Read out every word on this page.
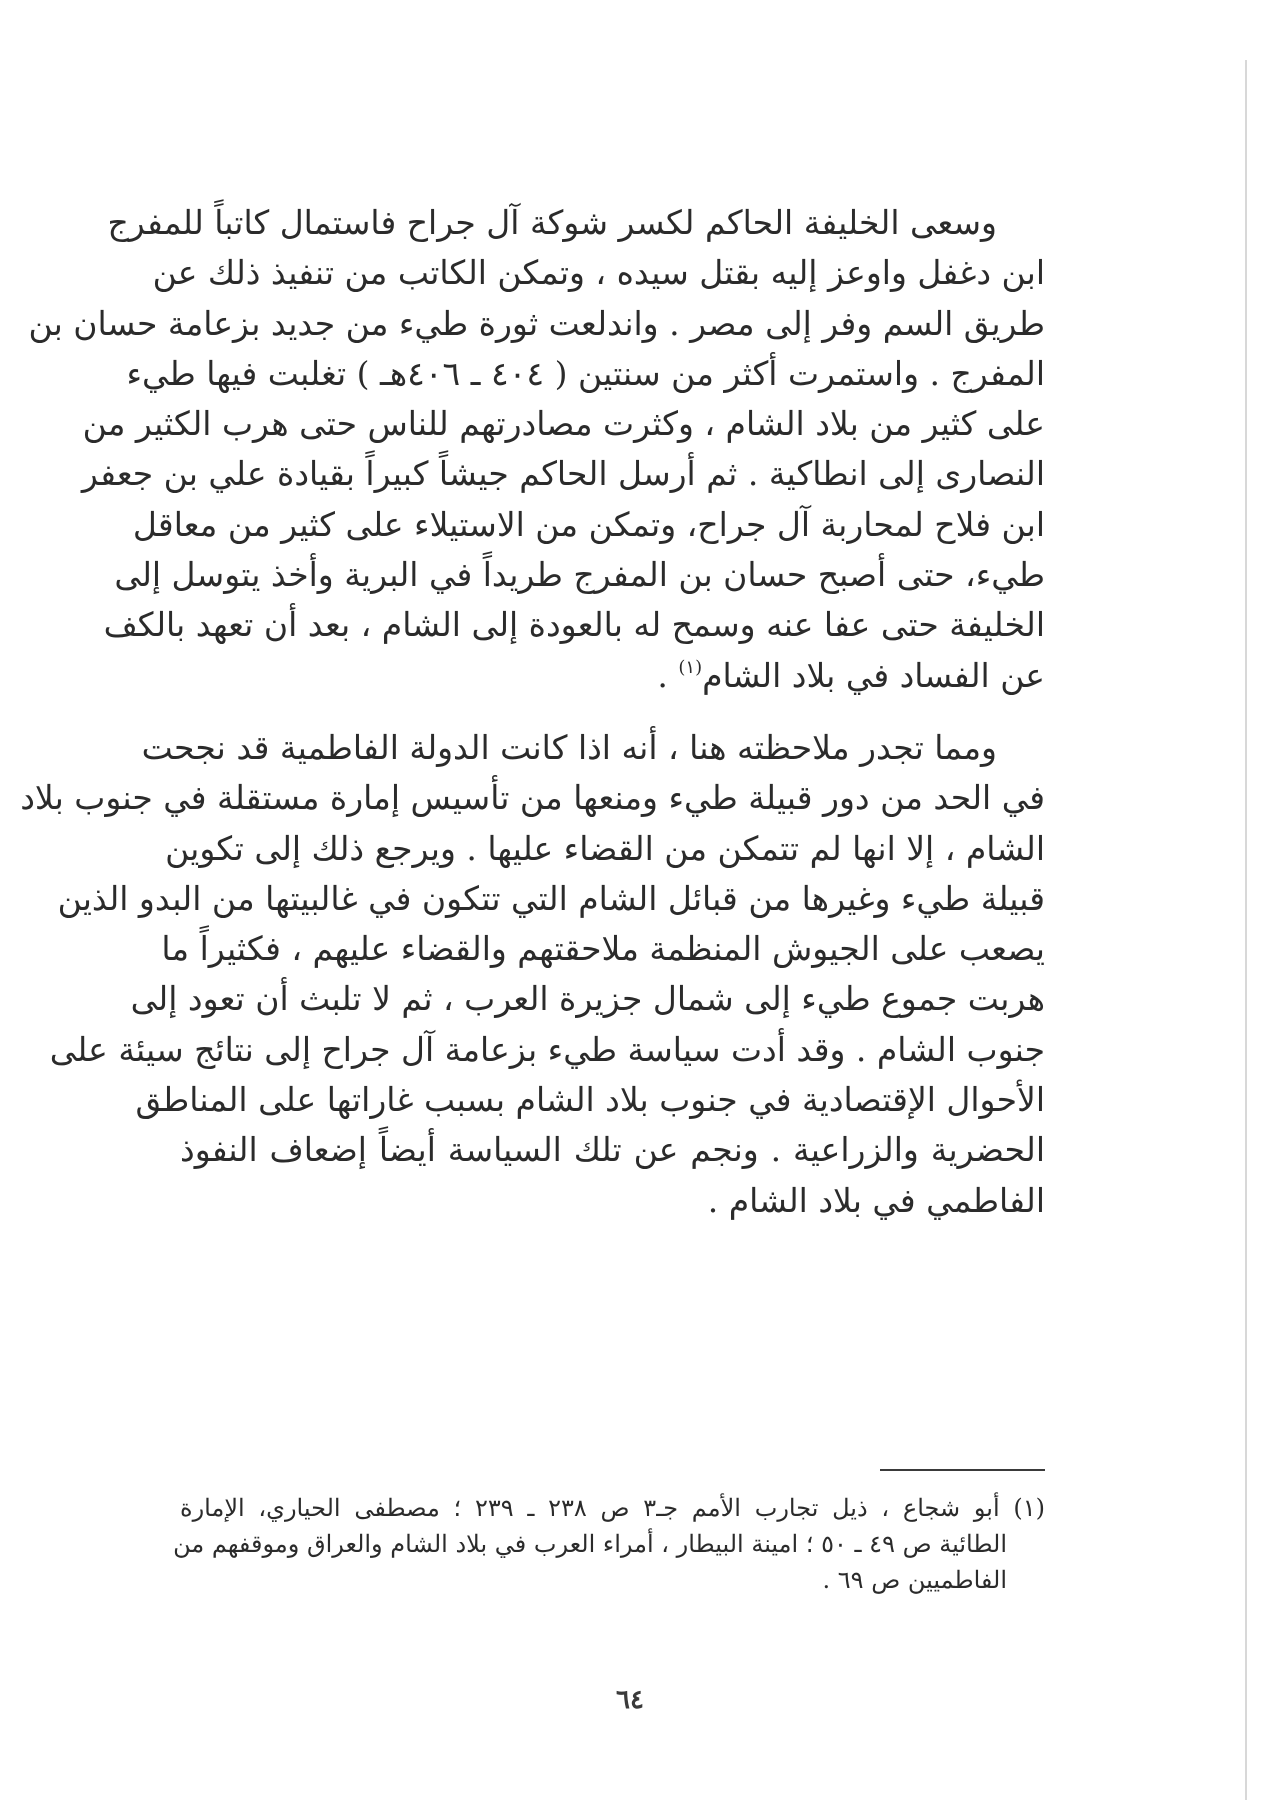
وسعى الخليفة الحاكم لكسر شوكة آل جراح فاستمال كاتباً للمفرج
ابن دغفل واوعز إليه بقتل سيده ، وتمكن الكاتب من تنفيذ ذلك عن
طريق السم وفر إلى مصر . واندلعت ثورة طيء من جديد بزعامة حسان بن
المفرج . واستمرت أكثر من سنتين ( ٤٠٤ ـ ٤٠٦هـ ) تغلبت فيها طيء
على كثير من بلاد الشام ، وكثرت مصادرتهم للناس حتى هرب الكثير من
النصارى إلى انطاكية . ثم أرسل الحاكم جيشاً كبيراً بقيادة علي بن جعفر
ابن فلاح لمحاربة آل جراح، وتمكن من الاستيلاء على كثير من معاقل
طيء، حتى أصبح حسان بن المفرج طريداً في البرية وأخذ يتوسل إلى
الخليفة حتى عفا عنه وسمح له بالعودة إلى الشام ، بعد أن تعهد بالكف
عن الفساد في بلاد الشام$^{(١)}$ .
ومما تجدر ملاحظته هنا ، أنه اذا كانت الدولة الفاطمية قد نجحت
في الحد من دور قبيلة طيء ومنعها من تأسيس إمارة مستقلة في جنوب بلاد
الشام ، إلا انها لم تتمكن من القضاء عليها . ويرجع ذلك إلى تكوين
قبيلة طيء وغيرها من قبائل الشام التي تتكون في غالبيتها من البدو الذين
يصعب على الجيوش المنظمة ملاحقتهم والقضاء عليهم ، فكثيراً ما
هربت جموع طيء إلى شمال جزيرة العرب ، ثم لا تلبث أن تعود إلى
جنوب الشام . وقد أدت سياسة طيء بزعامة آل جراح إلى نتائج سيئة على
الأحوال الإقتصادية في جنوب بلاد الشام بسبب غاراتها على المناطق
الحضرية والزراعية . ونجم عن تلك السياسة أيضاً إضعاف النفوذ
الفاطمي في بلاد الشام .
(١) أبو شجاع ، ذيل تجارب الأمم جـ٣ ص ٢٣٨ ـ ٢٣٩ ؛ مصطفى الحياري، الإمارة
الطائية ص ٤٩ ـ ٥٠ ؛ امينة البيطار ، أمراء العرب في بلاد الشام والعراق وموقفهم من
الفاطميين ص ٦٩ .
٦٤
